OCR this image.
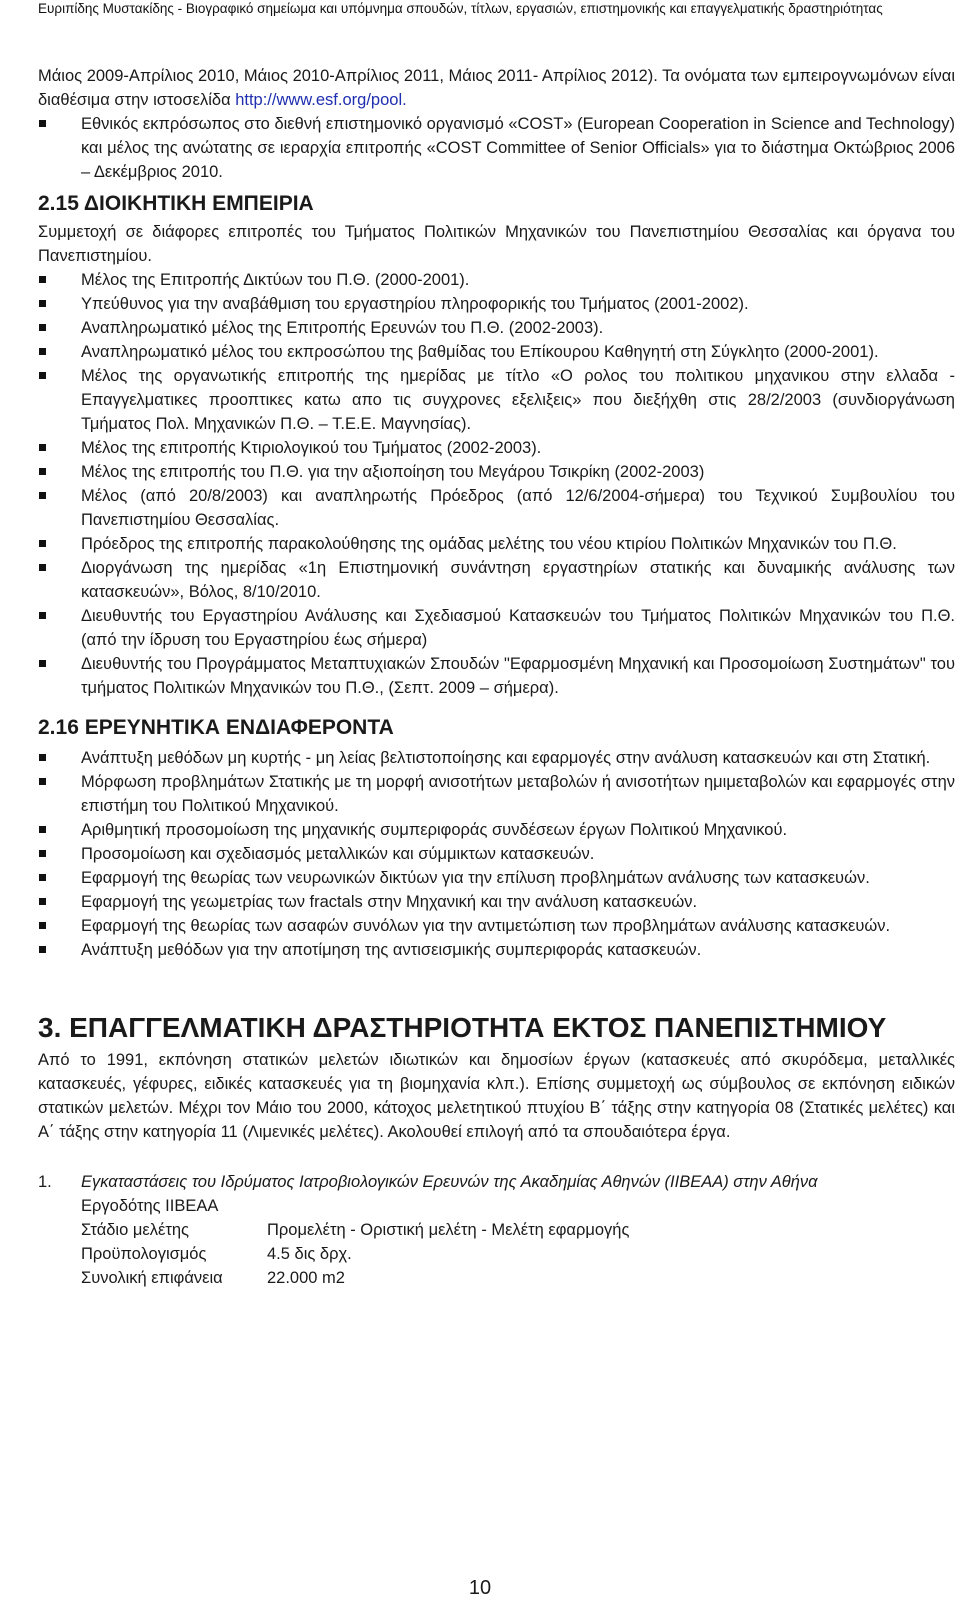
Ευριπίδης Μυστακίδης - Βιογραφικό σημείωμα και υπόμνημα σπουδών, τίτλων, εργασιών, επιστημονικής και επαγγελματικής δραστηριότητας

Μάιος 2009-Απρίλιος 2010, Μάιος 2010-Απρίλιος 2011, Μάιος 2011- Απρίλιος 2012). Τα ονόματα των εμπειρογνωμόνων είναι διαθέσιμα στην ιστοσελίδα http://www.esf.org/pool.

Εθνικός εκπρόσωπος στο διεθνή επιστημονικό οργανισμό «COST» (European Cooperation in Science and Technology) και μέλος της ανώτατης σε ιεραρχία επιτροπής «COST Committee of Senior Officials» για το διάστημα Οκτώβριος 2006 – Δεκέμβριος 2010.

2.15 ΔΙΟΙΚΗΤΙΚΗ ΕΜΠΕΙΡΙΑ

Συμμετοχή σε διάφορες επιτροπές του Τμήματος Πολιτικών Μηχανικών του Πανεπιστημίου Θεσσαλίας και όργανα του Πανεπιστημίου.

Μέλος της Επιτροπής Δικτύων του Π.Θ. (2000-2001).
Υπεύθυνος για την αναβάθμιση του εργαστηρίου πληροφορικής του Τμήματος (2001-2002).
Αναπληρωματικό μέλος της Επιτροπής Ερευνών του Π.Θ. (2002-2003).
Αναπληρωματικό μέλος του εκπροσώπου της βαθμίδας του Επίκουρου Καθηγητή στη Σύγκλητο (2000-2001).
Μέλος της οργανωτικής επιτροπής της ημερίδας με τίτλο «Ο ρολος του πολιτικου μηχανικου στην ελλαδα - Επαγγελματικες προοπτικες κατω απο τις συγχρονες εξελιξεις» που διεξήχθη στις 28/2/2003 (συνδιοργάνωση Τμήματος Πολ. Μηχανικών Π.Θ. – Τ.Ε.Ε. Μαγνησίας).
Μέλος της επιτροπής Κτιριολογικού του Τμήματος (2002-2003).
Μέλος της επιτροπής του Π.Θ. για την αξιοποίηση του Μεγάρου Τσικρίκη (2002-2003)
Μέλος (από 20/8/2003) και αναπληρωτής Πρόεδρος (από 12/6/2004-σήμερα) του Τεχνικού Συμβουλίου του Πανεπιστημίου Θεσσαλίας.
Πρόεδρος της επιτροπής παρακολούθησης της ομάδας μελέτης του νέου κτιρίου Πολιτικών Μηχανικών του Π.Θ.
Διοργάνωση της ημερίδας «1η Επιστημονική συνάντηση εργαστηρίων στατικής και δυναμικής ανάλυσης των κατασκευών», Βόλος, 8/10/2010.
Διευθυντής του Εργαστηρίου Ανάλυσης και Σχεδιασμού Κατασκευών του Τμήματος Πολιτικών Μηχανικών του Π.Θ. (από την ίδρυση του Εργαστηρίου έως σήμερα)
Διευθυντής του Προγράμματος Μεταπτυχιακών Σπουδών "Εφαρμοσμένη Μηχανική και Προσομοίωση Συστημάτων" του τμήματος Πολιτικών Μηχανικών του Π.Θ., (Σεπτ. 2009 – σήμερα).

2.16 ΕΡΕΥΝΗΤΙΚΑ ΕΝΔΙΑΦΕΡΟΝΤΑ

Ανάπτυξη μεθόδων μη κυρτής - μη λείας βελτιστοποίησης και εφαρμογές στην ανάλυση κατασκευών και στη Στατική.
Μόρφωση προβλημάτων Στατικής με τη μορφή ανισοτήτων μεταβολών ή ανισοτήτων ημιμεταβολών και εφαρμογές στην επιστήμη του Πολιτικού Μηχανικού.
Αριθμητική προσομοίωση της μηχανικής συμπεριφοράς συνδέσεων έργων Πολιτικού Μηχανικού.
Προσομοίωση και σχεδιασμός μεταλλικών και σύμμικτων κατασκευών.
Εφαρμογή της θεωρίας των νευρωνικών δικτύων για την επίλυση προβλημάτων ανάλυσης των κατασκευών.
Εφαρμογή της γεωμετρίας των fractals στην Μηχανική και την ανάλυση κατασκευών.
Εφαρμογή της θεωρίας των ασαφών συνόλων για την αντιμετώπιση των προβλημάτων ανάλυσης κατασκευών.
Ανάπτυξη μεθόδων για την αποτίμηση της αντισεισμικής συμπεριφοράς κατασκευών.

3. ΕΠΑΓΓΕΛΜΑΤΙΚΗ ΔΡΑΣΤΗΡΙΟΤΗΤΑ ΕΚΤΟΣ ΠΑΝΕΠΙΣΤΗΜΙΟΥ

Από το 1991, εκπόνηση στατικών μελετών ιδιωτικών και δημοσίων έργων (κατασκευές από σκυρόδεμα, μεταλλικές κατασκευές, γέφυρες, ειδικές κατασκευές για τη βιομηχανία κλπ.). Επίσης συμμετοχή ως σύμβουλος σε εκπόνηση ειδικών στατικών μελετών. Μέχρι τον Μάιο του 2000, κάτοχος μελετητικού πτυχίου Β΄ τάξης στην κατηγορία 08 (Στατικές μελέτες) και Α΄ τάξης στην κατηγορία 11 (Λιμενικές μελέτες). Ακολουθεί επιλογή από τα σπουδαιότερα έργα.

1.	Εγκαταστάσεις του Ιδρύματος Ιατροβιολογικών Ερευνών της Ακαδημίας Αθηνών (ΙΙΒΕΑΑ) στην Αθήνα
Εργοδότης ΙΙΒΕΑΑ
Στάδιο μελέτης	Προμελέτη - Οριστική μελέτη - Μελέτη εφαρμογής
Προϋπολογισμός	4.5 δις δρχ.
Συνολική επιφάνεια	22.000 m2
10
